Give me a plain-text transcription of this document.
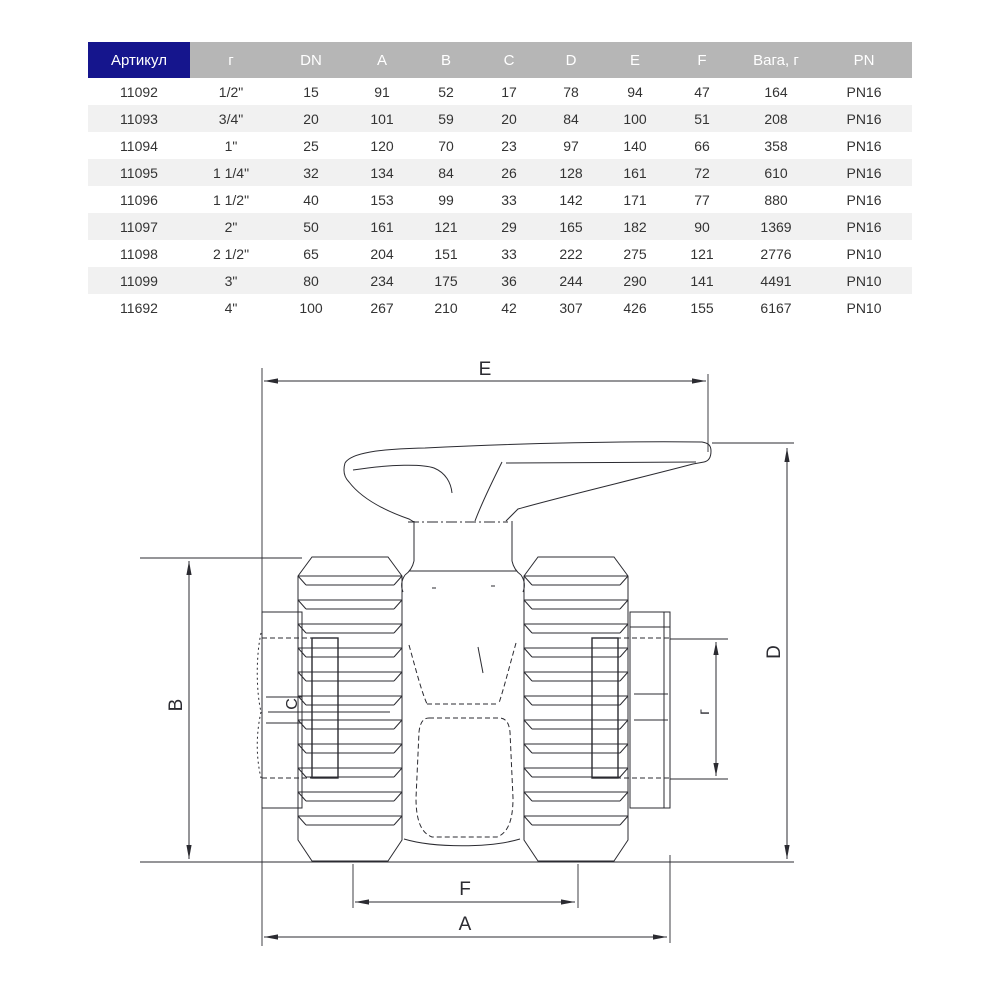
Артикул	г	DN	A	B	C	D	E	F	Вага, г	PN
11092	1/2"	15	91	52	17	78	94	47	164	PN16
11093	3/4"	20	101	59	20	84	100	51	208	PN16
11094	1"	25	120	70	23	97	140	66	358	PN16
11095	1 1/4"	32	134	84	26	128	161	72	610	PN16
11096	1 1/2"	40	153	99	33	142	171	77	880	PN16
11097	2"	50	161	121	29	165	182	90	1369	PN16
11098	2 1/2"	65	204	151	33	222	275	121	2776	PN10
11099	3"	80	234	175	36	244	290	141	4491	PN10
11692	4"	100	267	210	42	307	426	155	6167	PN10
E
F
A
B
D
г
C
